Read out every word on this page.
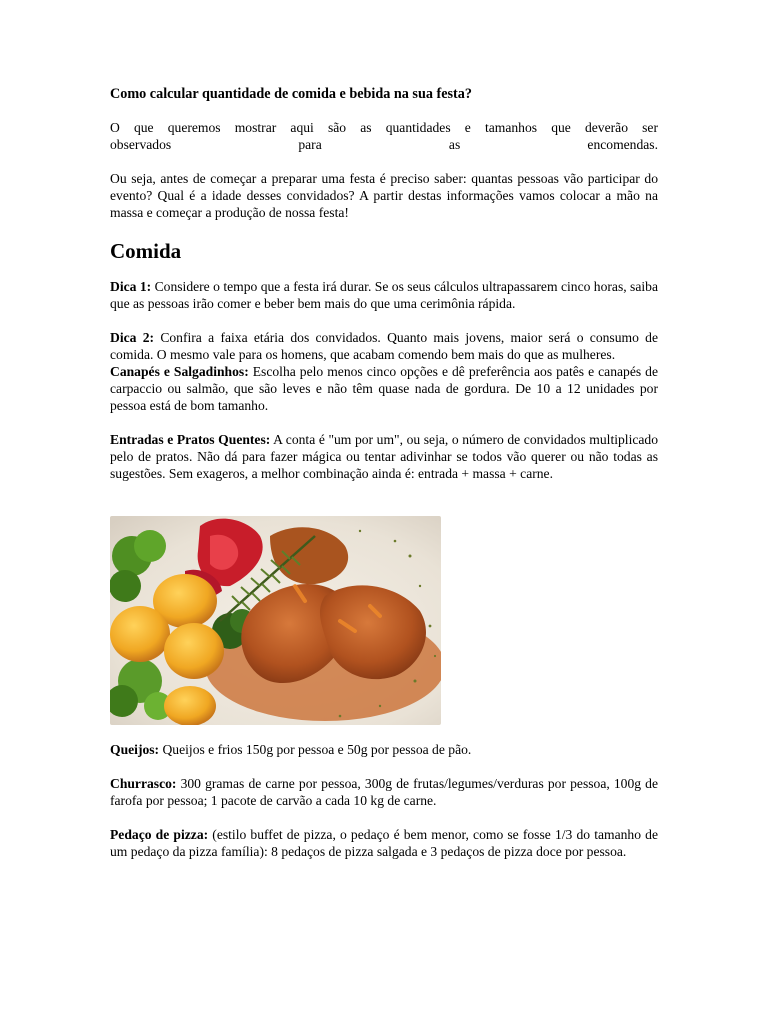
Como calcular quantidade de comida e bebida na sua festa?

O que queremos mostrar aqui são as quantidades e tamanhos que deverão ser

observados para as encomendas.

Ou seja, antes de começar a preparar uma festa é preciso saber: quantas pessoas vão participar do evento? Qual é a idade desses convidados? A partir destas informações vamos colocar a mão na massa e começar a produção de nossa festa!

Comida

Dica 1: Considere o tempo que a festa irá durar. Se os seus cálculos ultrapassarem cinco horas, saiba que as pessoas irão comer e beber bem mais do que uma cerimônia rápida.

Dica 2: Confira a faixa etária dos convidados. Quanto mais jovens, maior será o consumo de comida. O mesmo vale para os homens, que acabam comendo bem mais do que as mulheres.

Canapés e Salgadinhos: Escolha pelo menos cinco opções e dê preferência aos patês e canapés de carpaccio ou salmão, que são leves e não têm quase nada de gordura. De 10 a 12 unidades por pessoa está de bom tamanho.

Entradas e Pratos Quentes: A conta é "um por um", ou seja, o número de convidados multiplicado pelo de pratos. Não dá para fazer mágica ou tentar adivinhar se todos vão querer ou não todas as sugestões. Sem exageros, a melhor combinação ainda é: entrada + massa + carne.

Queijos: Queijos e frios 150g por pessoa e 50g por pessoa de pão.

Churrasco: 300 gramas de carne por pessoa, 300g de frutas/legumes/verduras por pessoa, 100g de farofa por pessoa; 1 pacote de carvão a cada 10 kg de carne.

Pedaço de pizza: (estilo buffet de pizza, o pedaço é bem menor, como se fosse 1/3 do tamanho de um pedaço da pizza família): 8 pedaços de pizza salgada e 3 pedaços de pizza doce por pessoa.
